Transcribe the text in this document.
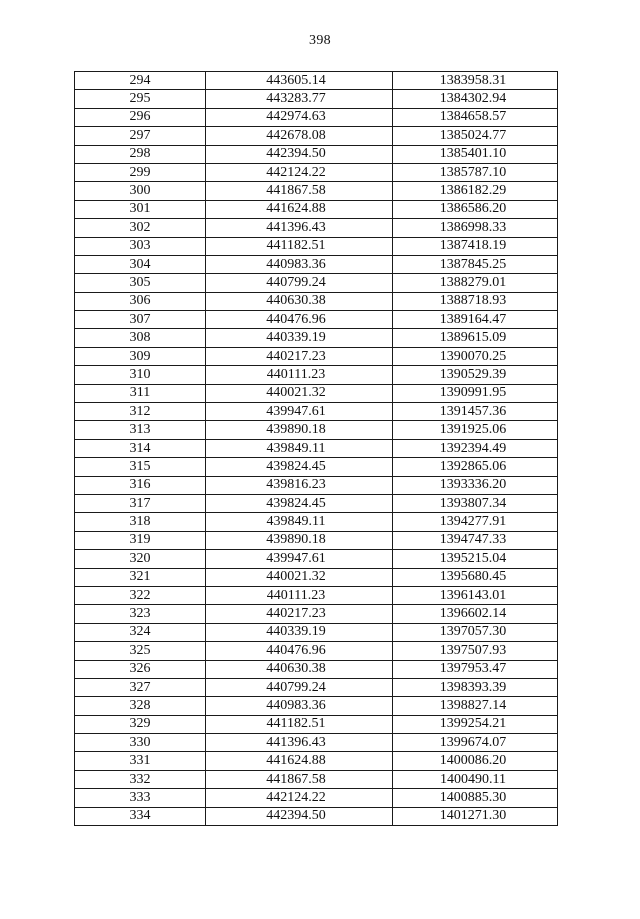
398
294	443605.14	1383958.31
295	443283.77	1384302.94
296	442974.63	1384658.57
297	442678.08	1385024.77
298	442394.50	1385401.10
299	442124.22	1385787.10
300	441867.58	1386182.29
301	441624.88	1386586.20
302	441396.43	1386998.33
303	441182.51	1387418.19
304	440983.36	1387845.25
305	440799.24	1388279.01
306	440630.38	1388718.93
307	440476.96	1389164.47
308	440339.19	1389615.09
309	440217.23	1390070.25
310	440111.23	1390529.39
311	440021.32	1390991.95
312	439947.61	1391457.36
313	439890.18	1391925.06
314	439849.11	1392394.49
315	439824.45	1392865.06
316	439816.23	1393336.20
317	439824.45	1393807.34
318	439849.11	1394277.91
319	439890.18	1394747.33
320	439947.61	1395215.04
321	440021.32	1395680.45
322	440111.23	1396143.01
323	440217.23	1396602.14
324	440339.19	1397057.30
325	440476.96	1397507.93
326	440630.38	1397953.47
327	440799.24	1398393.39
328	440983.36	1398827.14
329	441182.51	1399254.21
330	441396.43	1399674.07
331	441624.88	1400086.20
332	441867.58	1400490.11
333	442124.22	1400885.30
334	442394.50	1401271.30
